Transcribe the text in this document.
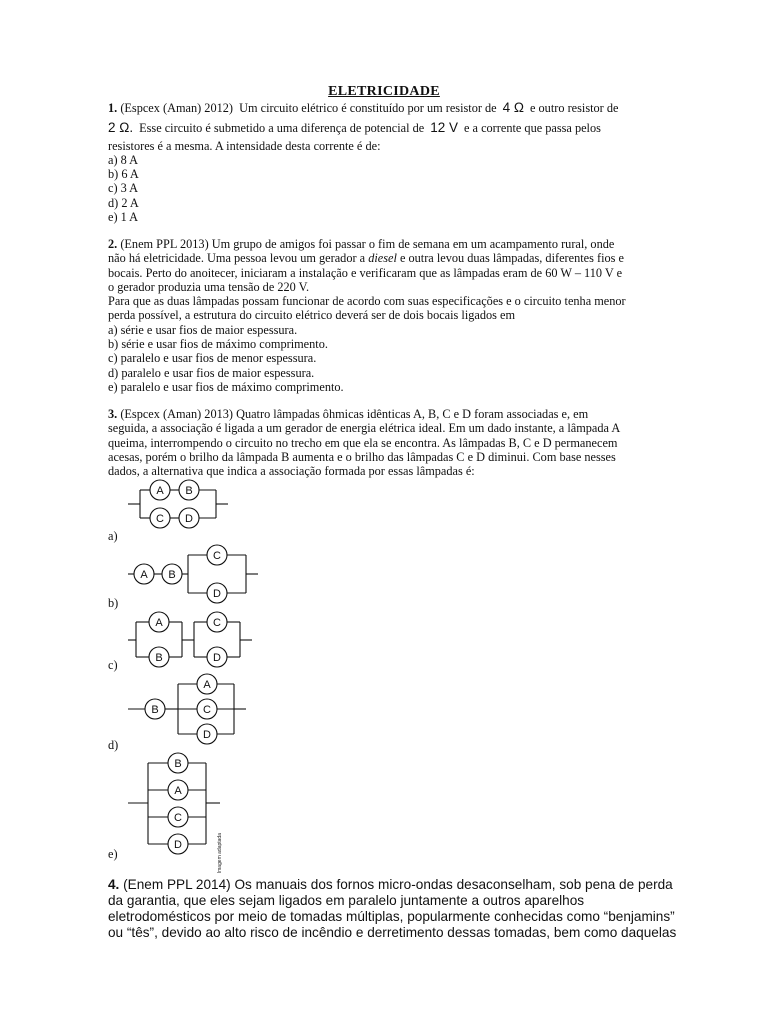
ELETRICIDADE

1. (Espcex (Aman) 2012) Um circuito elétrico é constituído por um resistor de 4 Ω e outro resistor de

2 Ω. Esse circuito é submetido a uma diferença de potencial de 12 V e a corrente que passa pelos

resistores é a mesma. A intensidade desta corrente é de:

a) 8 A

b) 6 A

c) 3 A

d) 2 A

e) 1 A

2. (Enem PPL 2013) Um grupo de amigos foi passar o fim de semana em um acampamento rural, onde

não há eletricidade. Uma pessoa levou um gerador a diesel e outra levou duas lâmpadas, diferentes fios e

bocais. Perto do anoitecer, iniciaram a instalação e verificaram que as lâmpadas eram de 60 W – 110 V e

o gerador produzia uma tensão de 220 V.

Para que as duas lâmpadas possam funcionar de acordo com suas especificações e o circuito tenha menor

perda possível, a estrutura do circuito elétrico deverá ser de dois bocais ligados em

a) série e usar fios de maior espessura.

b) série e usar fios de máximo comprimento.

c) paralelo e usar fios de menor espessura.

d) paralelo e usar fios de maior espessura.

e) paralelo e usar fios de máximo comprimento.

3. (Espcex (Aman) 2013) Quatro lâmpadas ôhmicas idênticas A, B, C e D foram associadas e, em

seguida, a associação é ligada a um gerador de energia elétrica ideal. Em um dado instante, a lâmpada A

queima, interrompendo o circuito no trecho em que ela se encontra. As lâmpadas B, C e D permanecem

acesas, porém o brilho da lâmpada B aumenta e o brilho das lâmpadas C e D diminui. Com base nesses

dados, a alternativa que indica a associação formada por essas lâmpadas é:

A B
C D
a)
A B
C
D
b)
A
B
C
D
c)
B
A
C
D
d)
B
A
C
D	Imagem adaptada
e)

4. (Enem PPL 2014) Os manuais dos fornos micro-ondas desaconselham, sob pena de perda

da garantia, que eles sejam ligados em paralelo juntamente a outros aparelhos

eletrodomésticos por meio de tomadas múltiplas, popularmente conhecidas como “benjamins”

ou “tês”, devido ao alto risco de incêndio e derretimento dessas tomadas, bem como daquelas
